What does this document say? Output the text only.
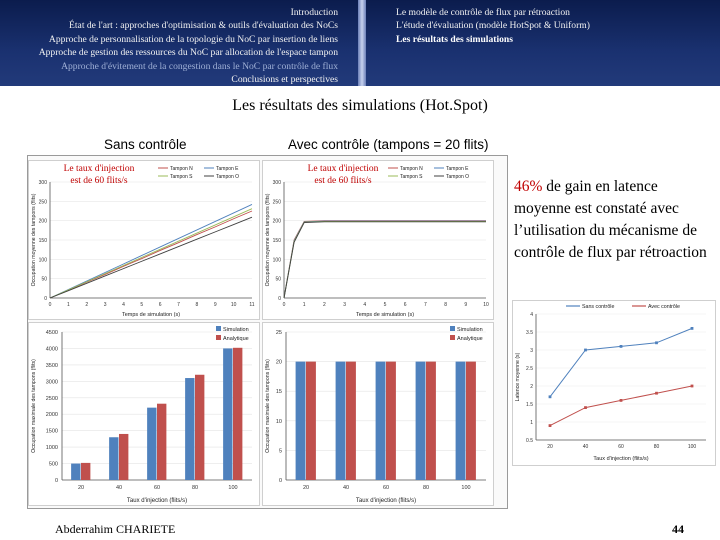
Introduction
État de l'art : approches d'optimisation & outils d'évaluation des NoCs
Approche de personnalisation de la topologie du NoC par insertion de liens
Approche de gestion des ressources du NoC par allocation de l'espace tampon
Approche d'évitement de la congestion dans le NoC par contrôle de flux
Conclusions et perspectives
Le modèle de contrôle de flux par rétroaction
L'étude d'évaluation (modèle HotSpot & Uniform)
Les résultats des simulations
Les résultats des simulations (Hot.Spot)
Sans contrôle	Avec contrôle (tampons = 20 flits)
0
50
100
150
200
250
300
0	1	2	3	4	5	6	7	8	9	10	11
Temps de simulation (s)
Occupation moyenne des tampons (flits)
Tampon N	Tampon E
Tampon S	Tampon O
0
50
100
150
200
250
300
0	1	2	3	4	5	6	7	8	9	10
Temps de simulation (s)
Occupation moyenne des tampons (flits)
Tampon N	Tampon E
Tampon S	Tampon O
0
500
1000
1500
2000
2500
3000
3500
4000
4500
20	40	60	80	100
Taux d'injection (flits/s)
Occupation maximale des tampons (flits)
Simulation
Analytique
0
5
10
15
20
25
20	40	60	80	100
Taux d'injection (flits/s)
Occupation maximale des tampons (flits)
Simulation
Analytique
0.5
1
1.5
2
2.5
3
3.5
4
20	40	60	80	100
Taux d'injection (flits/s)
Latence moyenne (s)
Sans contrôle	Avec contrôle
Le taux d'injection
est de 60 flits/s
Le taux d'injection
est de 60 flits/s	46% de gain en latence moyenne est constaté avec l’utilisation du mécanisme de contrôle de flux par rétroaction
Abderrahim CHARIETE	44
